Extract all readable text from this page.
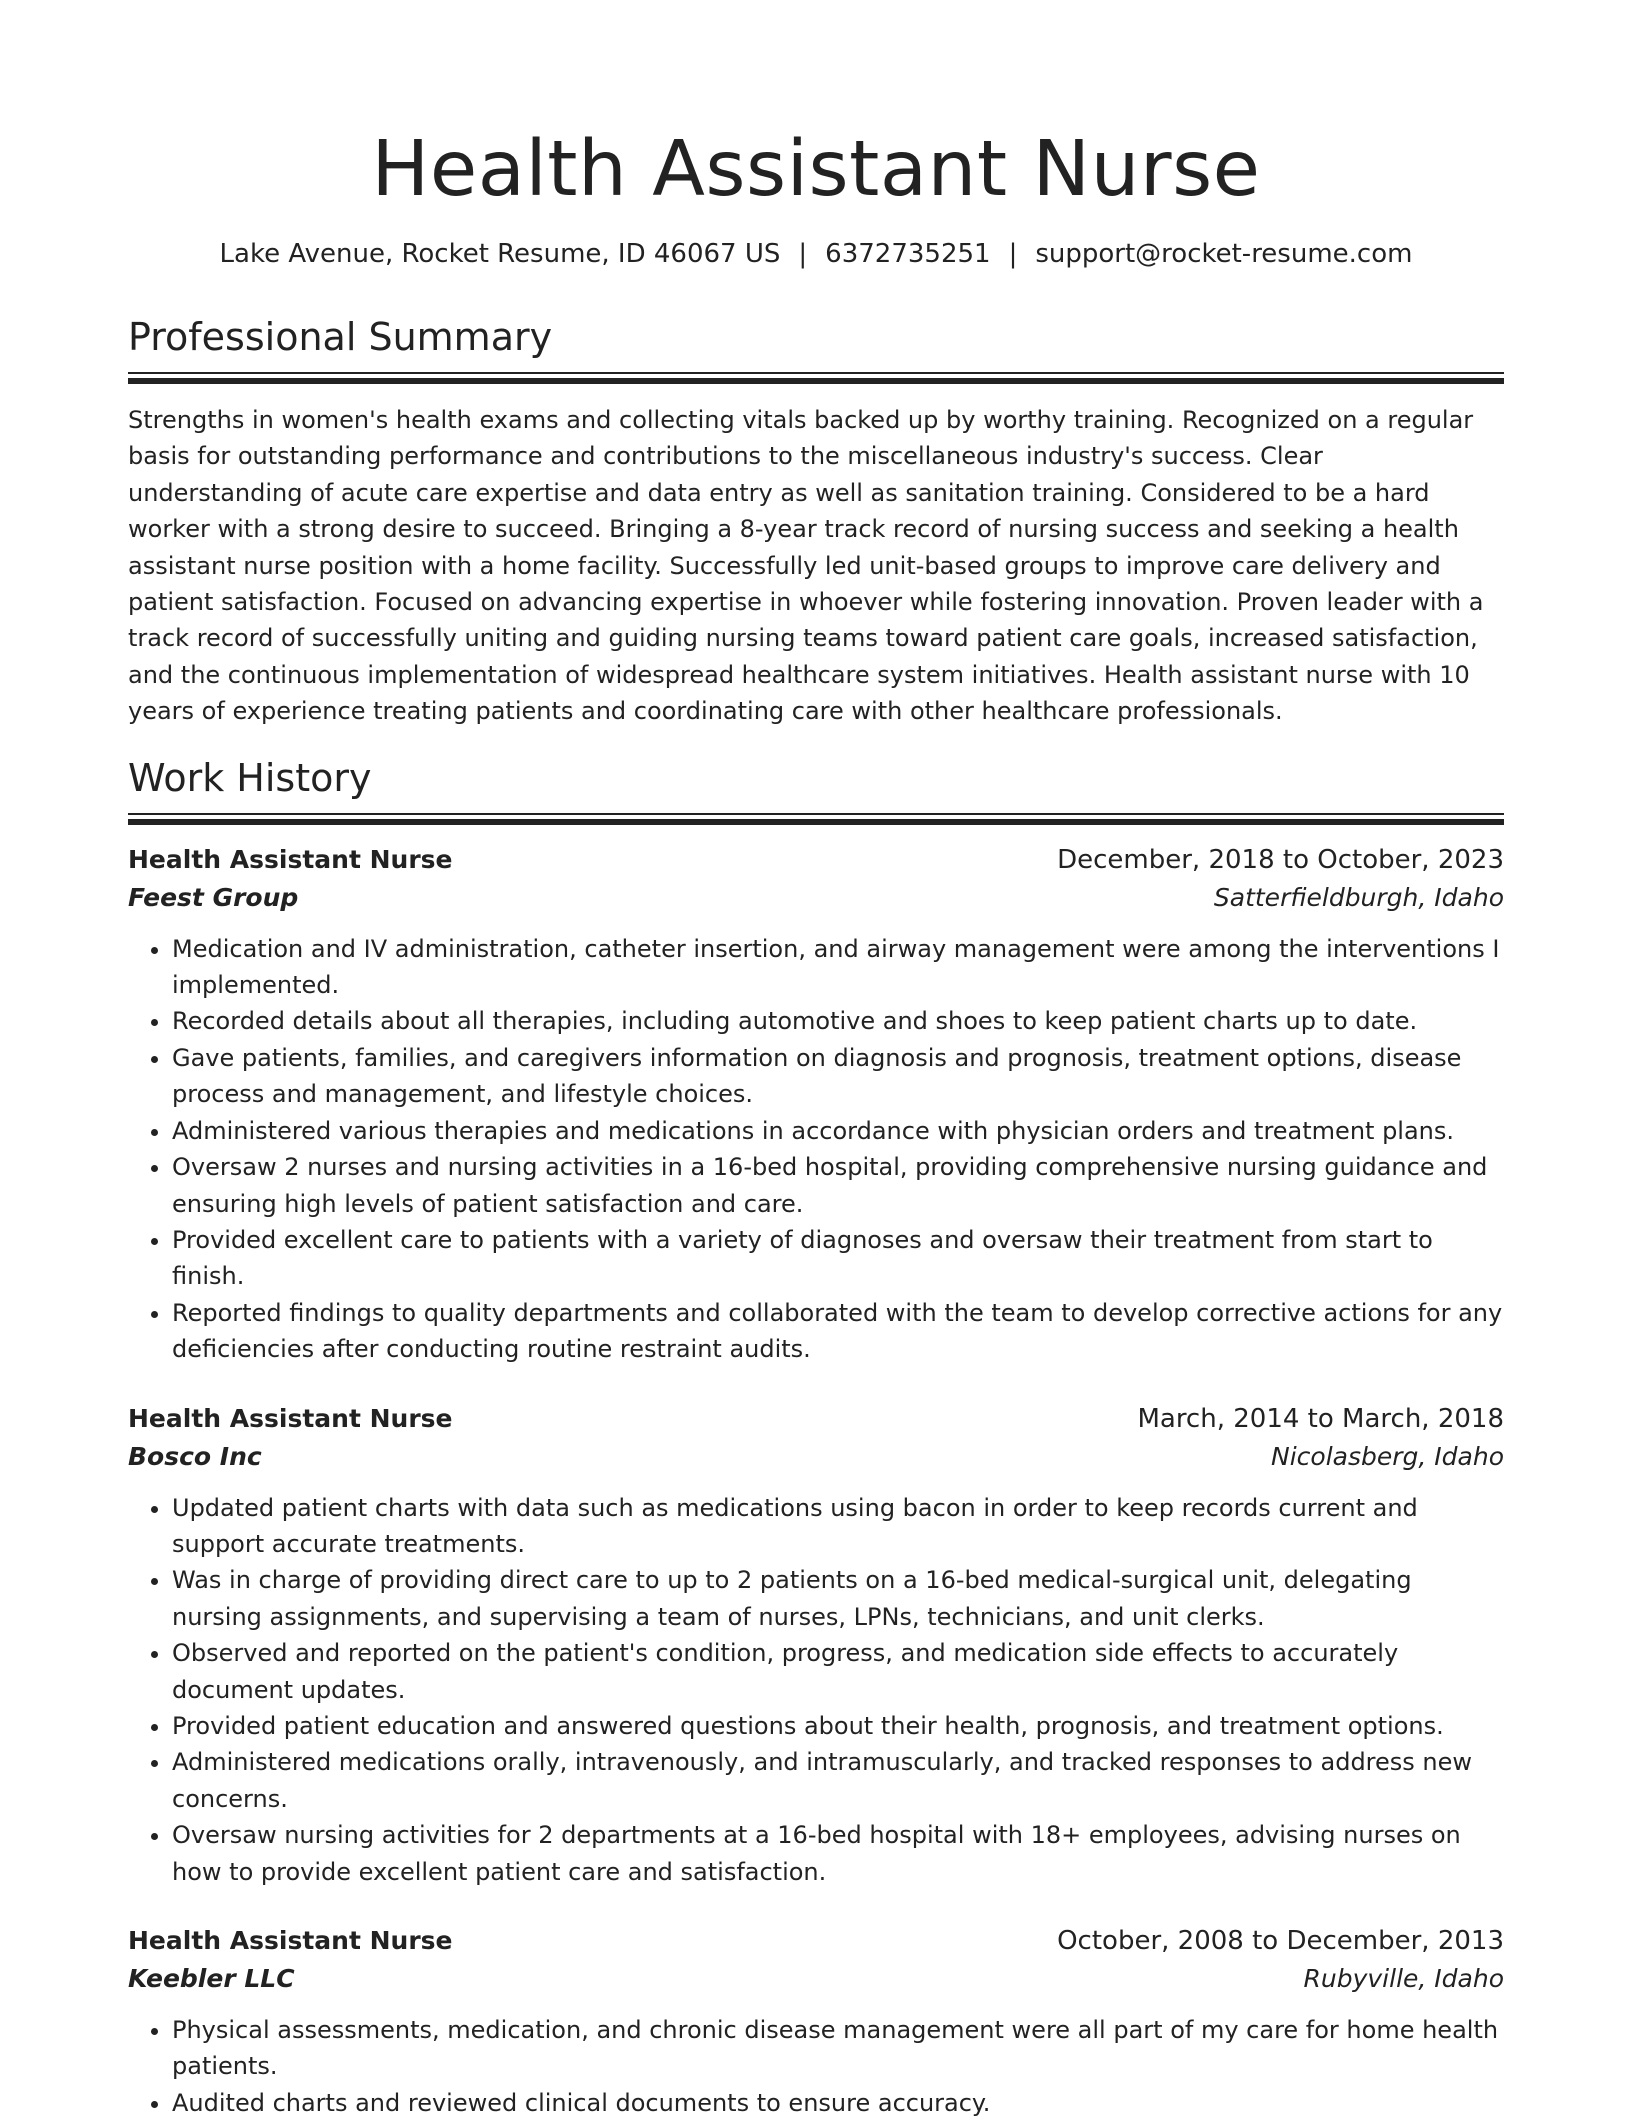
Health Assistant Nurse
Lake Avenue, Rocket Resume, ID 46067 US | 6372735251 | support@rocket-resume.com
Professional Summary

Strengths in women's health exams and collecting vitals backed up by worthy training. Recognized on a regular basis for outstanding performance and contributions to the miscellaneous industry's success. Clear understanding of acute care expertise and data entry as well as sanitation training. Considered to be a hard worker with a strong desire to succeed. Bringing a 8-year track record of nursing success and seeking a health assistant nurse position with a home facility. Successfully led unit-based groups to improve care delivery and patient satisfaction. Focused on advancing expertise in whoever while fostering innovation. Proven leader with a track record of successfully uniting and guiding nursing teams toward patient care goals, increased satisfaction, and the continuous implementation of widespread healthcare system initiatives. Health assistant nurse with 10 years of experience treating patients and coordinating care with other healthcare professionals.

Work History
Health Assistant Nurse	December, 2018 to October, 2023
Feest Group	Satterfieldburgh, Idaho
• Medication and IV administration, catheter insertion, and airway management were among the interventions I implemented.
• Recorded details about all therapies, including automotive and shoes to keep patient charts up to date.
• Gave patients, families, and caregivers information on diagnosis and prognosis, treatment options, disease process and management, and lifestyle choices.
• Administered various therapies and medications in accordance with physician orders and treatment plans.
• Oversaw 2 nurses and nursing activities in a 16-bed hospital, providing comprehensive nursing guidance and ensuring high levels of patient satisfaction and care.
• Provided excellent care to patients with a variety of diagnoses and oversaw their treatment from start to finish.
• Reported findings to quality departments and collaborated with the team to develop corrective actions for any deficiencies after conducting routine restraint audits.
Health Assistant Nurse	March, 2014 to March, 2018
Bosco Inc	Nicolasberg, Idaho
• Updated patient charts with data such as medications using bacon in order to keep records current and support accurate treatments.
• Was in charge of providing direct care to up to 2 patients on a 16-bed medical-surgical unit, delegating nursing assignments, and supervising a team of nurses, LPNs, technicians, and unit clerks.
• Observed and reported on the patient's condition, progress, and medication side effects to accurately document updates.
• Provided patient education and answered questions about their health, prognosis, and treatment options.
• Administered medications orally, intravenously, and intramuscularly, and tracked responses to address new concerns.
• Oversaw nursing activities for 2 departments at a 16-bed hospital with 18+ employees, advising nurses on how to provide excellent patient care and satisfaction.
Health Assistant Nurse	October, 2008 to December, 2013
Keebler LLC	Rubyville, Idaho
• Physical assessments, medication, and chronic disease management were all part of my care for home health patients.
• Audited charts and reviewed clinical documents to ensure accuracy.
